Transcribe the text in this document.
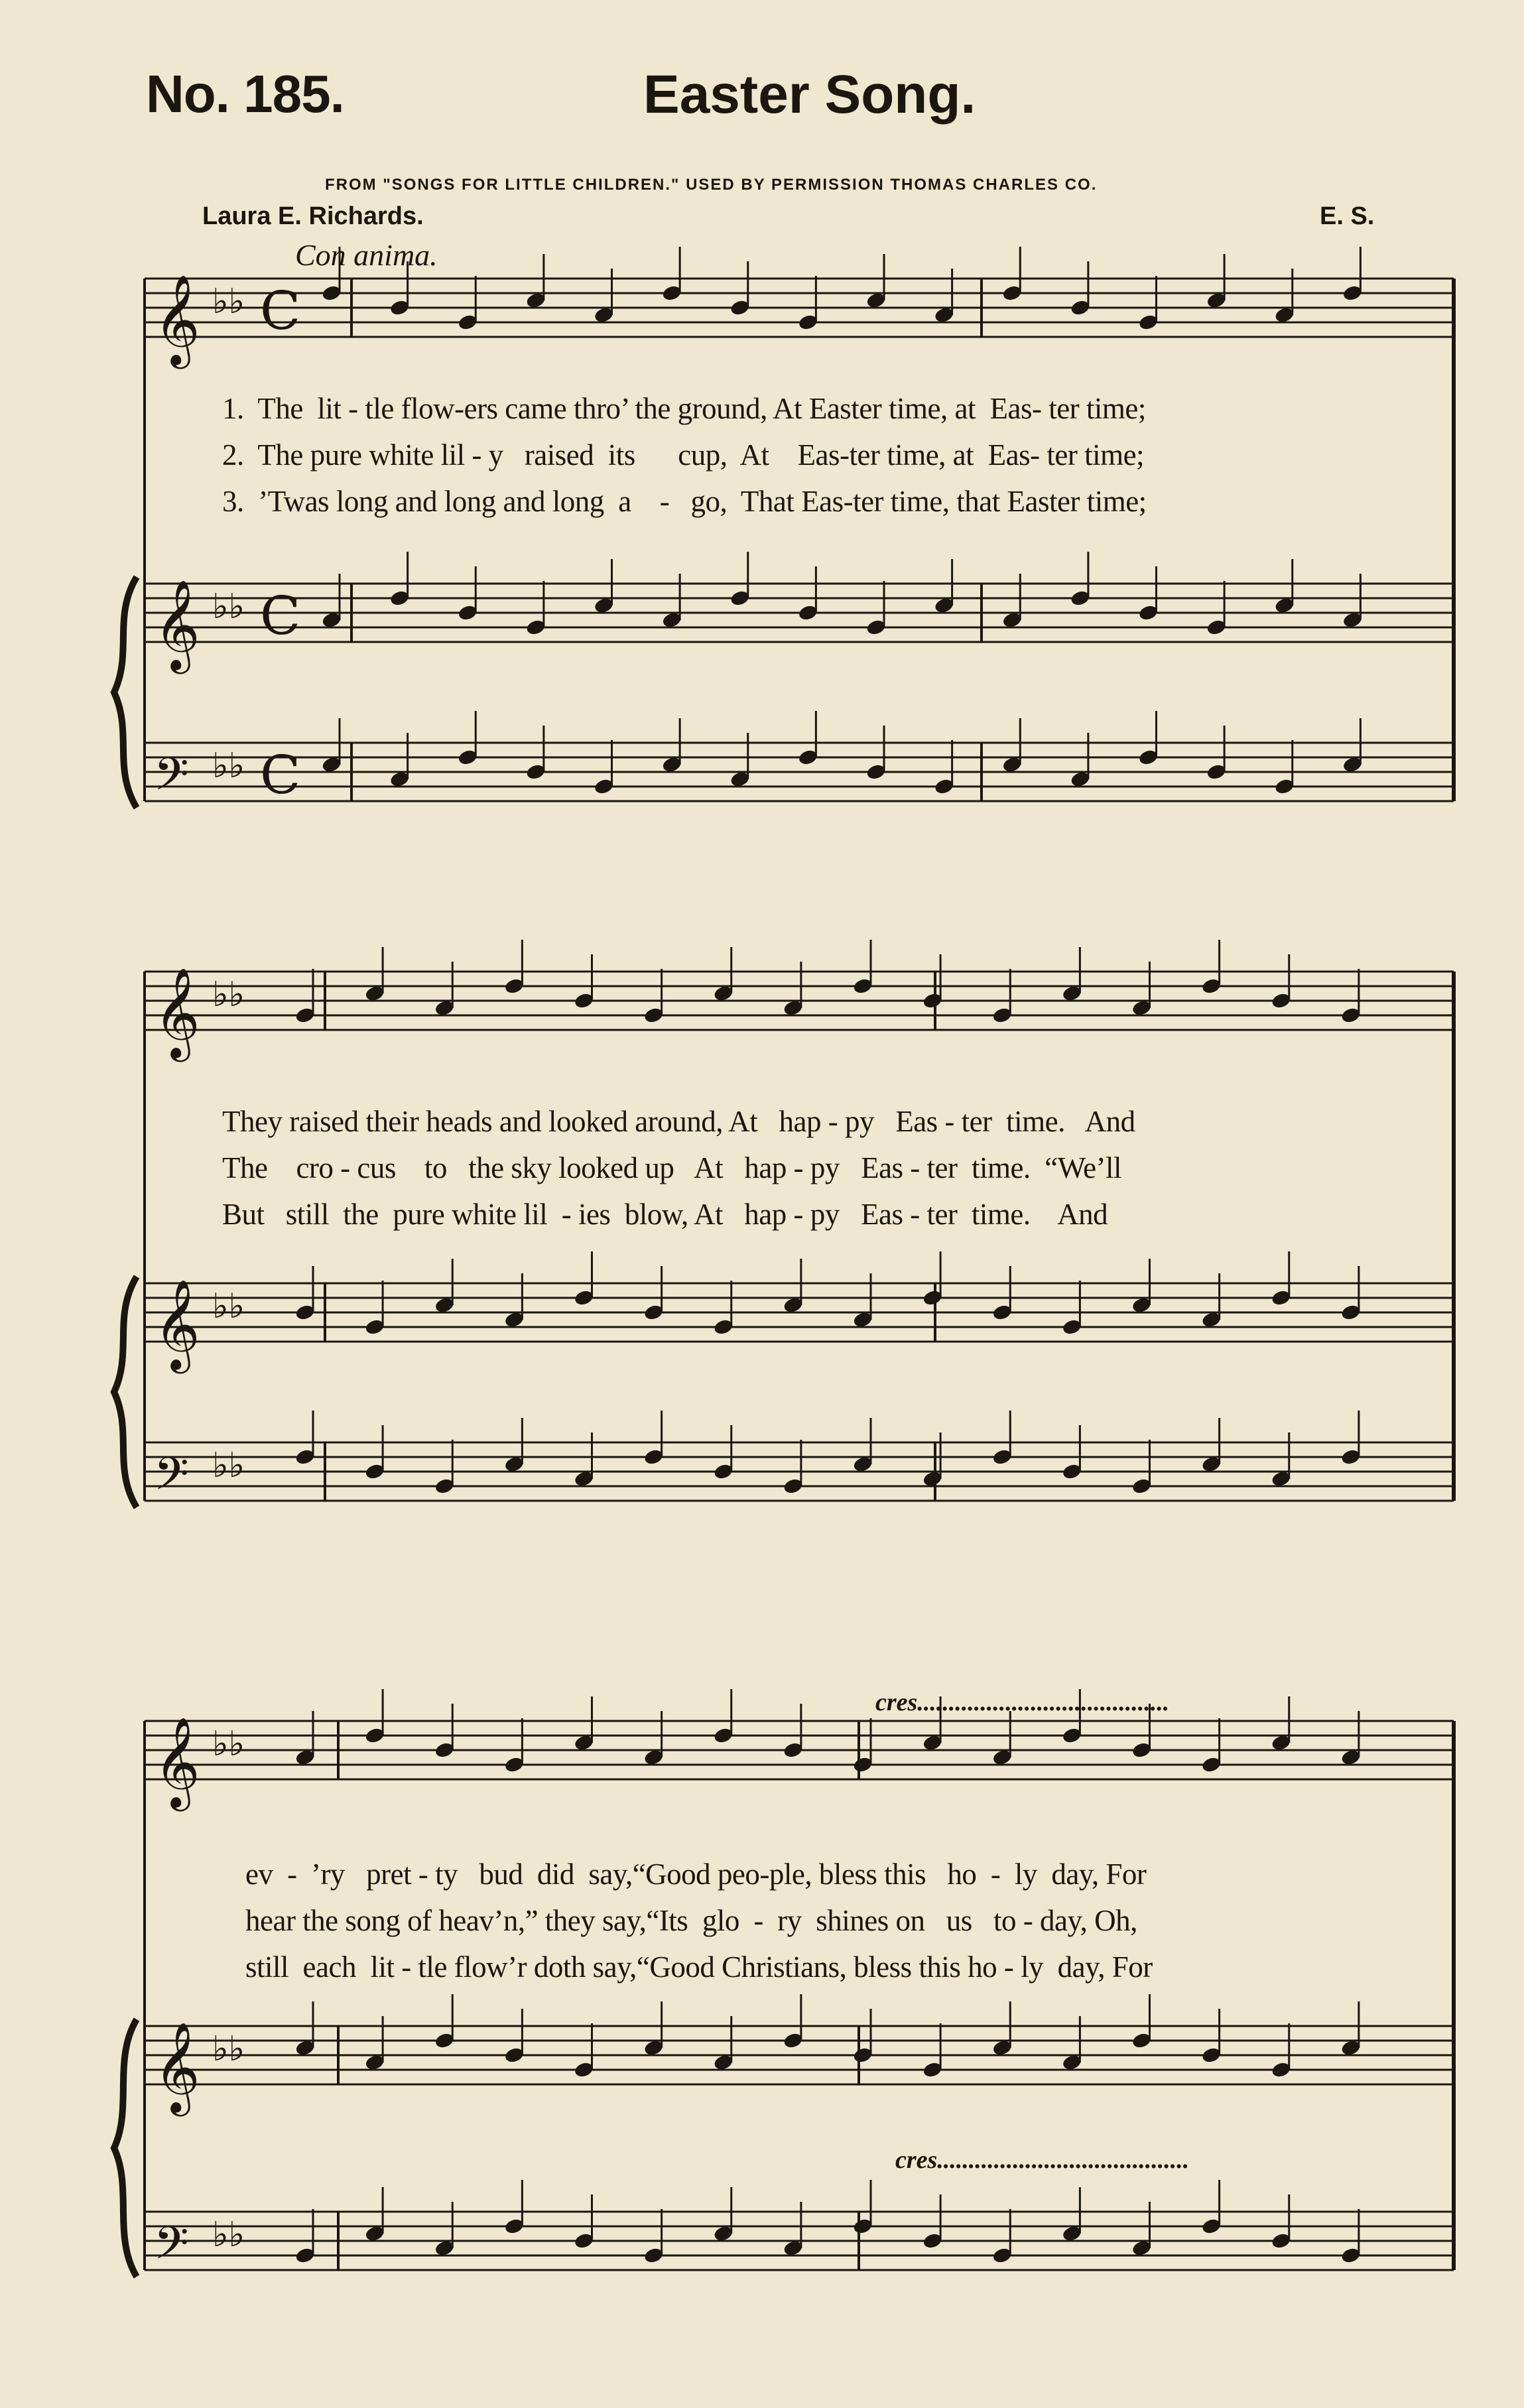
No. 185.	Easter Song.
FROM "SONGS FOR LITTLE CHILDREN." USED BY PERMISSION THOMAS CHARLES CO.
Laura E. Richards.	E. S.
Con anima.
1.  The  lit - tle flow-ers came thro’ the ground, At Easter time, at  Eas- ter time;
2.  The pure white lil - y   raised  its      cup,  At    Eas-ter time, at  Eas- ter time;
3.  ’Twas long and long and long  a    -   go,  That Eas-ter time, that Easter time;
They raised their heads and looked around, At   hap - py   Eas - ter  time.   And
The    cro - cus    to   the sky looked up   At   hap - py   Eas - ter  time.  “We’ll
But   still  the  pure white lil  - ies  blow, At   hap - py   Eas - ter  time.    And
cres........................................
ev  -  ’ry   pret - ty   bud  did  say,“Good peo-ple, bless this   ho  -  ly  day, For
hear the song of heav’n,” they say,“Its  glo  -  ry  shines on   us   to - day, Oh,
still  each  lit - tle flow’r doth say,“Good Christians, bless this ho - ly  day, For
cres........................................
𝄞 ♭♭ C
𝄞 ♭♭ C
𝄢 ♭♭ C
𝄞 ♭♭
𝄞 ♭♭
𝄢 ♭♭
𝄞 ♭♭
𝄞 ♭♭
𝄢 ♭♭
